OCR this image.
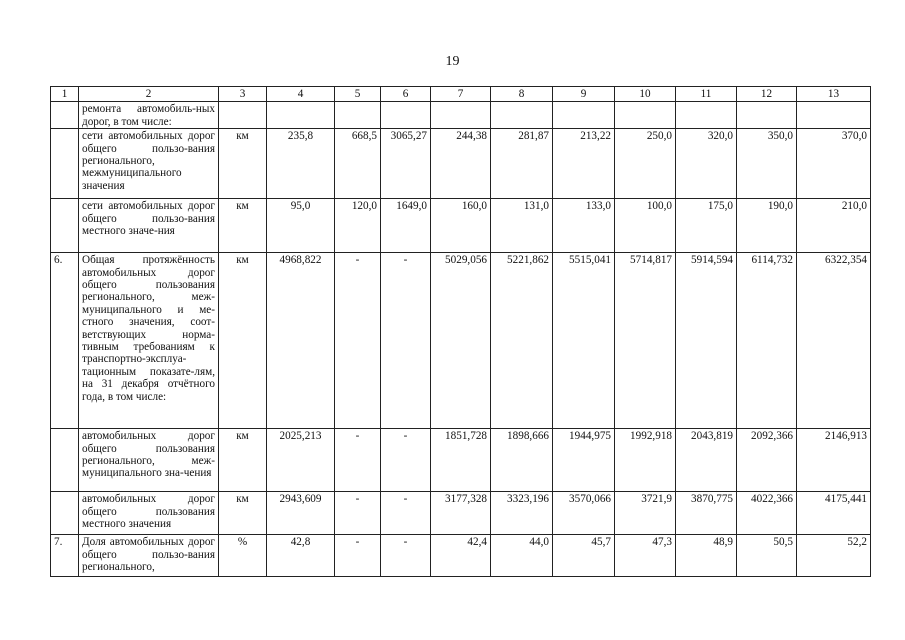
19
1	2	3	4	5	6	7	8	9	10	11	12	13
	ремонта автомобиль-ных дорог, в том числе:											
	сети автомобильных дорог общего пользо-вания регионального, межмуниципального значения	км	235,8	668,5	3065,27	244,38	281,87	213,22	250,0	320,0	350,0	370,0
	сети автомобильных дорог общего пользо-вания местного значе-ния	км	95,0	120,0	1649,0	160,0	131,0	133,0	100,0	175,0	190,0	210,0
6.	Общая протяжённость автомобильных дорог общего пользования регионального, меж-муниципального и ме-стного значения, соот-ветствующих норма-тивным требованиям к транспортно-эксплуа-тационным показате-лям, на 31 декабря отчётного года, в том числе:	км	4968,822	-	-	5029,056	5221,862	5515,041	5714,817	5914,594	6114,732	6322,354
	автомобильных дорог общего пользования регионального, меж-муниципального зна-чения	км	2025,213	-	-	1851,728	1898,666	1944,975	1992,918	2043,819	2092,366	2146,913
	автомобильных дорог общего пользования местного значения	км	2943,609	-	-	3177,328	3323,196	3570,066	3721,9	3870,775	4022,366	4175,441
7.	Доля автомобильных дорог общего пользо-вания регионального,	%	42,8	-	-	42,4	44,0	45,7	47,3	48,9	50,5	52,2
